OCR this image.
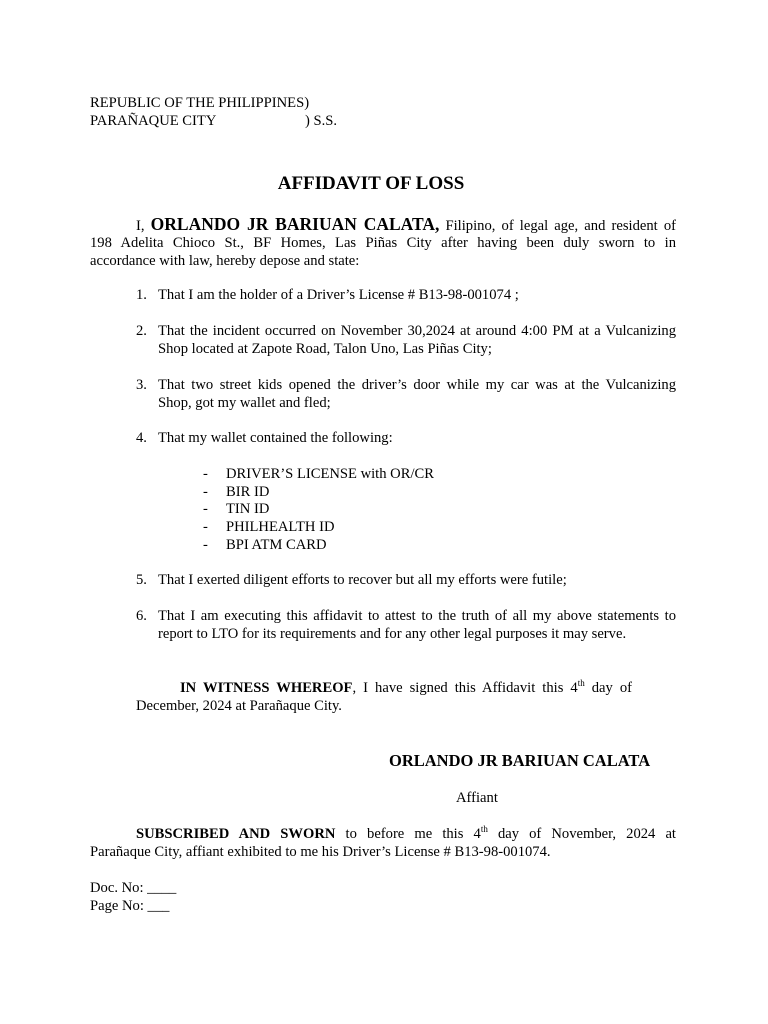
REPUBLIC OF THE PHILIPPINES)
PARAÑAQUE CITY	) S.S.
AFFIDAVIT OF LOSS
I, ORLANDO JR BARIUAN CALATA, Filipino, of legal age, and resident of
198 Adelita Chioco St., BF Homes, Las Piñas City after having been duly sworn to in
accordance with law, hereby depose and state:
1. That I am the holder of a Driver’s License # B13-98-001074 ;
2. That the incident occurred on November 30,2024 at around 4:00 PM at a Vulcanizing
Shop located at Zapote Road, Talon Uno, Las Piñas City;
3. That two street kids opened the driver’s door while my car was at the Vulcanizing
Shop, got my wallet and fled;
4. That my wallet contained the following:
- DRIVER’S LICENSE with OR/CR
- BIR ID
- TIN ID
- PHILHEALTH ID
- BPI ATM CARD
5. That I exerted diligent efforts to recover but all my efforts were futile;
6. That I am executing this affidavit to attest to the truth of all my above statements to
report to LTO for its requirements and for any other legal purposes it may serve.
IN WITNESS WHEREOF, I have signed this Affidavit this 4th day of
December, 2024 at Parañaque City.
ORLANDO JR BARIUAN CALATA
Affiant
SUBSCRIBED AND SWORN to before me this 4th day of November, 2024 at
Parañaque City, affiant exhibited to me his Driver’s License # B13-98-001074.
Doc. No: ____
Page No: ___
